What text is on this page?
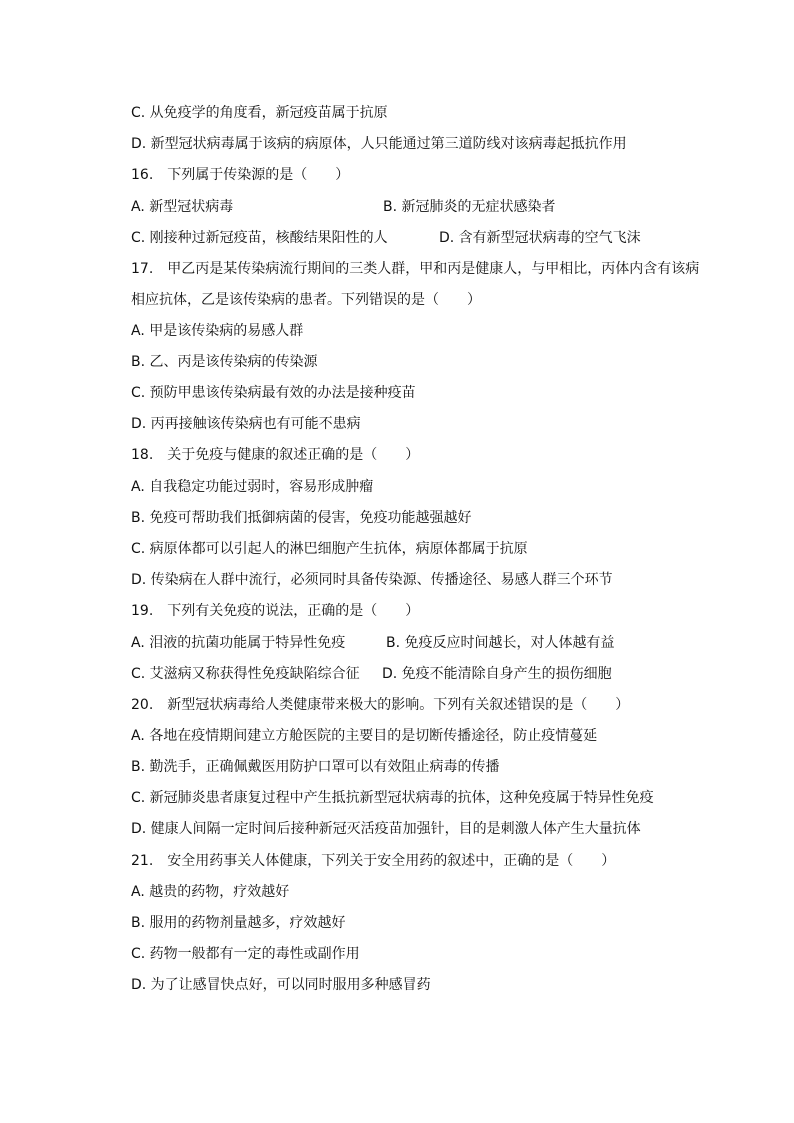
C. 从免疫学的角度看，新冠疫苗属于抗原
D. 新型冠状病毒属于该病的病原体，人只能通过第三道防线对该病毒起抵抗作用
16.　下列属于传染源的是（　　）
A. 新型冠状病毒	B. 新冠肺炎的无症状感染者
C. 刚接种过新冠疫苗，核酸结果阳性的人	D. 含有新型冠状病毒的空气飞沫
17.　甲乙丙是某传染病流行期间的三类人群，甲和丙是健康人，与甲相比，丙体内含有该病
相应抗体，乙是该传染病的患者。下列错误的是（　　）
A. 甲是该传染病的易感人群
B. 乙、丙是该传染病的传染源
C. 预防甲患该传染病最有效的办法是接种疫苗
D. 丙再接触该传染病也有可能不患病
18.　关于免疫与健康的叙述正确的是（　　）
A. 自我稳定功能过弱时，容易形成肿瘤
B. 免疫可帮助我们抵御病菌的侵害，免疫功能越强越好
C. 病原体都可以引起人的淋巴细胞产生抗体，病原体都属于抗原
D. 传染病在人群中流行，必须同时具备传染源、传播途径、易感人群三个环节
19.　下列有关免疫的说法，正确的是（　　）
A. 泪液的抗菌功能属于特异性免疫	B. 免疫反应时间越长，对人体越有益
C. 艾滋病又称获得性免疫缺陷综合征 D. 免疫不能清除自身产生的损伤细胞
20.　新型冠状病毒给人类健康带来极大的影响。下列有关叙述错误的是（　　）
A. 各地在疫情期间建立方舱医院的主要目的是切断传播途径，防止疫情蔓延
B. 勤洗手，正确佩戴医用防护口罩可以有效阻止病毒的传播
C. 新冠肺炎患者康复过程中产生抵抗新型冠状病毒的抗体，这种免疫属于特异性免疫
D. 健康人间隔一定时间后接种新冠灭活疫苗加强针，目的是刺激人体产生大量抗体
21.　安全用药事关人体健康，下列关于安全用药的叙述中，正确的是（　　）
A. 越贵的药物，疗效越好
B. 服用的药物剂量越多，疗效越好
C. 药物一般都有一定的毒性或副作用
D. 为了让感冒快点好，可以同时服用多种感冒药
